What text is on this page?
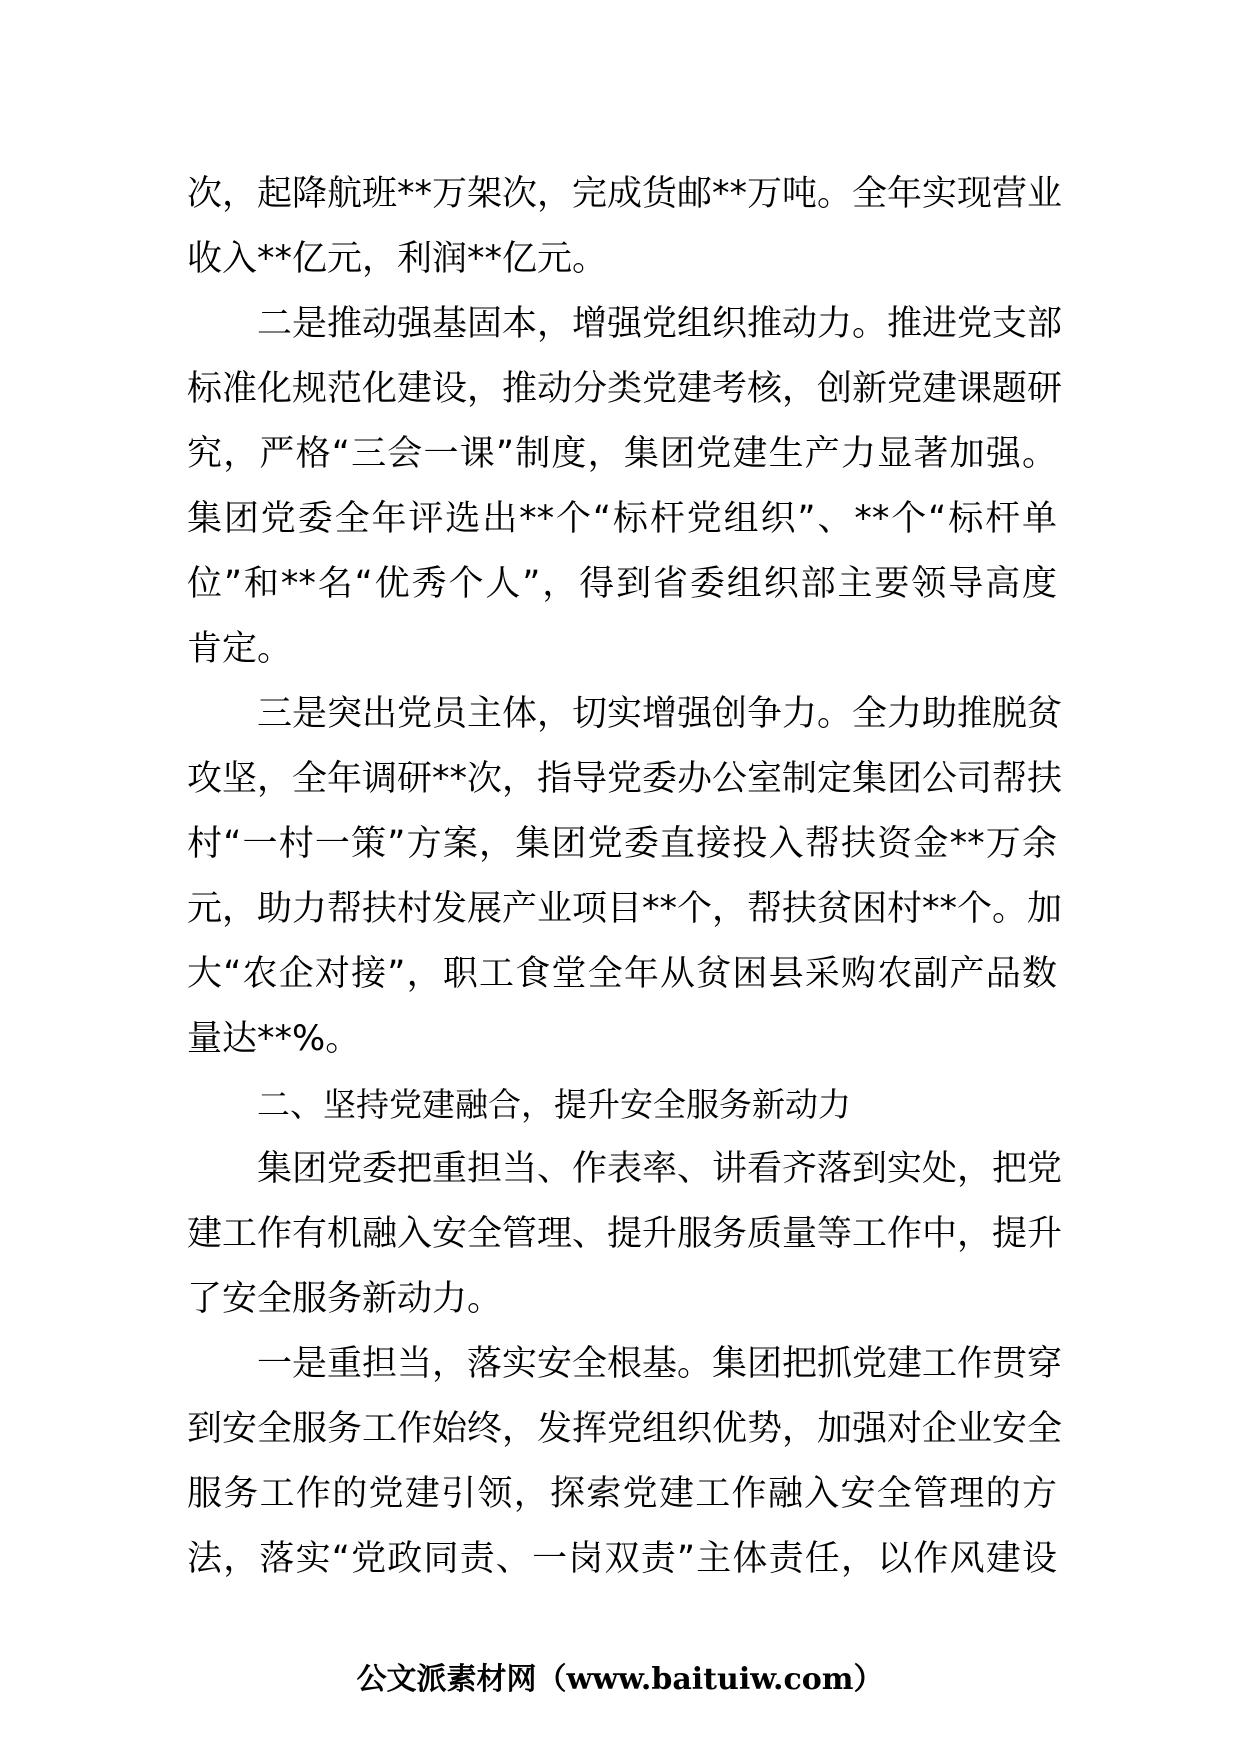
次，起降航班**万架次，完成货邮**万吨。全年实现营业
收入**亿元，利润**亿元。
二是推动强基固本，增强党组织推动力。推进党支部
标准化规范化建设，推动分类党建考核，创新党建课题研
究，严格“三会一课”制度，集团党建生产力显著加强。
集团党委全年评选出**个“标杆党组织”、**个“标杆单
位”和**名“优秀个人”，得到省委组织部主要领导高度
肯定。
三是突出党员主体，切实增强创争力。全力助推脱贫
攻坚，全年调研**次，指导党委办公室制定集团公司帮扶
村“一村一策”方案，集团党委直接投入帮扶资金**万余
元，助力帮扶村发展产业项目**个，帮扶贫困村**个。加
大“农企对接”，职工食堂全年从贫困县采购农副产品数
量达**%。
二、坚持党建融合，提升安全服务新动力
集团党委把重担当、作表率、讲看齐落到实处，把党
建工作有机融入安全管理、提升服务质量等工作中，提升
了安全服务新动力。
一是重担当，落实安全根基。集团把抓党建工作贯穿
到安全服务工作始终，发挥党组织优势，加强对企业安全
服务工作的党建引领，探索党建工作融入安全管理的方
法，落实“党政同责、一岗双责”主体责任，以作风建设
公文派素材网（www.baituiw.com）
